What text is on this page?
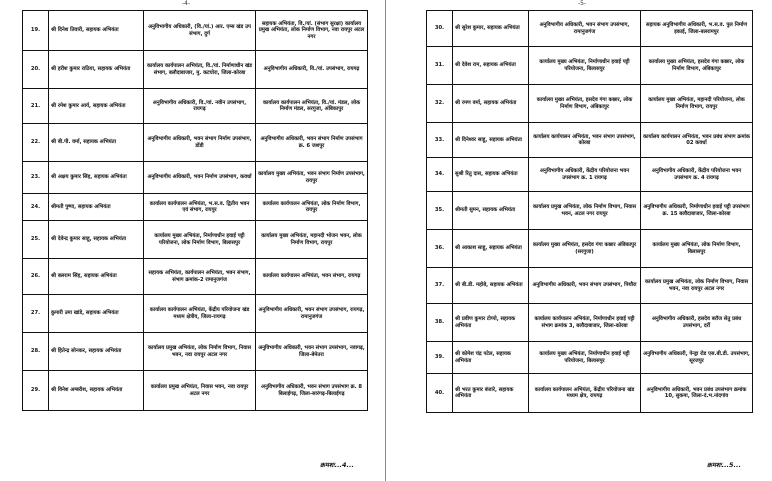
-4-	-5-
19.	श्री दिनेश तिवारी, सहायक अभियंता	अनुविभागीय अधिकारी, (वि./यां.) आर. एम्स खंड उप संभाग, दुर्ग	सहायक अभियंता, वि./यां. (संभाग सुरक्षा) कार्यालय प्रमुख अभियंता, लोक निर्माण विभाग, नवा रायपुर अटल नगर
20.	श्री हरीश कुमार राठिया, सहायक अभियंता	कार्यालय कार्यपालन अभियंता, वि./यां. निर्माणाधीन खंड संभाग, बलौदाबाजार, मु. कटघोरा, जिला-कोरबा	अनुविभागीय अधिकारी, वि./यां. उपसंभाग, रायगढ़
21.	श्री रमेश कुमार आर्य, सहायक अभियंता	अनुविभागीय अधिकारी, वि./यां. नवीन उपसंभाग, रायगढ़	कार्यालय कार्यपालन अभियंता, वि./यां. मंडल, लोक निर्माण मंडल, सरगुजा, अंबिकापुर
22.	श्री बी.पी. वर्मा, सहायक अभियंता	अनुविभागीय अधिकारी, भवन संभाग निर्माण उपसंभाग, डोंडी	अनुविभागीय अधिकारी, भवन संभाग निर्माण उपसंभाग क्र. 6 जशपुर
23.	श्री अक्षय कुमार सिंह, सहायक अभियंता	अनुविभागीय अधिकारी, भवन निर्माण उपसंभाग, कवर्धा	कार्यालय मुख्य अभियंता, भवन संभाग निर्माण उपसंभाग, रायपुर
24.	श्रीमती पुष्पा, सहायक अभियंता	कार्यालय कार्यपालन अभियंता, भ.स.व. द्वितीय भवन एवं संभाग, रायपुर	कार्यालय कार्यपालन अभियंता, लोक निर्माण विभाग, रायपुर
25.	श्री देवेन्द्र कुमार साहू, सहायक अभियंता	कार्यालय मुख्य अभियंता, निर्माणाधीन हवाई पट्टी परियोजना, लोक निर्माण विभाग, बिलासपुर	कार्यालय मुख्य अभियंता, महानदी भोजन भवन, लोक निर्माण विभाग, रायपुर
26.	श्री बलराम सिंह, सहायक अभियंता	सहायक अभियंता, कार्यपालन अभियंता, भवन संभाग, संभाग क्रमांक-2 रामानुजगंज	कार्यालय कार्यपालन अभियंता, भवन संभाग, रायगढ़
27.	कुमारी उमा खांडे, सहायक अभियंता	कार्यालय कार्यपालन अभियंता, केंद्रीय परियोजना खंड मध्यम क्षेत्रीय, जिला-रायगढ़	अनुविभागीय अधिकारी, भवन संभाग उपसंभाग, रायगढ़, रामानुजगंज
28.	श्री हितेन्द्र सोनकर, सहायक अभियंता	कार्यालय प्रमुख अभियंता, लोक निर्माण विभाग, निवास भवन, नवा रायपुर अटल नगर	अनुविभागीय अधिकारी, भवन संभाग उपसंभाग, नवागढ़, जिला-बेमेतरा
29.	श्री विनेश अम्बरीश, सहायक अभियंता	कार्यालय प्रमुख अभियंता, निवास भवन, नवा रायपुर अटल नगर	अनुविभागीय अधिकारी, भवन संभाग उपसंभाग क्र. 8 बिलाईगढ़, जिला-सारंगढ़-बिलाईगढ़
क्रमशः...4...
30.	श्री सुरेश कुमार, सहायक अभियंता	अनुविभागीय अधिकारी, भवन संभाग उपसंभाग, रामानुजगंज	सहायक अनुविभागीय अधिकारी, भ.स.व. पुल निर्माण इकाई, जिला-बलरामपुर
31.	श्री देवेश राम, सहायक अभियंता	कार्यालय मुख्य अभियंता, निर्माणाधीन हवाई पट्टी परियोजना, बिलासपुर	कार्यालय मुख्य अभियंता, हसदेव गंगा कछार, लोक निर्माण विभाग, अंबिकापुर
32.	श्री रमण वर्मा, सहायक अभियंता	कार्यालय मुख्य अभियंता, हसदेव गंगा कछार, लोक निर्माण विभाग, अंबिकापुर	कार्यालय मुख्य अभियंता, महानदी परियोजना, लोक निर्माण विभाग, रायपुर
33.	श्री दिनेश्वर साहू, सहायक अभियंता	कार्यालय कार्यपालन अभियंता, भवन संभाग उपसंभाग, कोरबा	कार्यालय कार्यपालन अभियंता, भवन प्रबंध संभाग क्रमांक 02 कवर्धा
34.	सुश्री रितु दास, सहायक अभियंता	अनुविभागीय अधिकारी, केंद्रीय परियोजना भवन उपसंभाग क्र. 1 रायगढ़	अनुविभागीय अधिकारी, केंद्रीय परियोजना भवन उपसंभाग क्र. 4 रायगढ़
35.	श्रीमती सुमन, सहायक अभियंता	कार्यालय प्रमुख अभियंता, लोक निर्माण विभाग, निवास भवन, अटल नगर रायपुर	अनुविभागीय अधिकारी, निर्माणाधीन हवाई पट्टी उपसंभाग क्र. 15 बलौदाबाजार, जिला-कोरबा
36.	श्री आकाश साहू, सहायक अभियंता	कार्यालय मुख्य अभियंता, हसदेव गंगा कछार अंबिकापुर (सरगुजा)	कार्यालय मुख्य अभियंता, लोक निर्माण विभाग, बिलासपुर
37.	श्री बी.डी. महोबे, सहायक अभियंता	अनुविभागीय अधिकारी, भवन संभाग उपसंभाग, पिथौरा	कार्यालय प्रमुख अभियंता, लोक निर्माण विभाग, निवास भवन, नवा रायपुर अटल नगर
38.	श्री प्रवीण कुमार टोप्पो, सहायक अभियंता	कार्यालय कार्यपालन अभियंता, निर्माणाधीन हवाई पट्टी संभाग क्रमांक 3, बलौदाबाजार, जिला-कोरबा	अनुविभागीय अधिकारी, हसदेव बरॉज सेतु प्रबंध उपसंभाग, दर्री
39.	श्री कोमेश चंद्र पटेल, सहायक अभियंता	कार्यालय मुख्य अभियंता, निर्माणाधीन हवाई पट्टी परियोजना, बिलासपुर	अनुविभागीय अधिकारी, पेन्ड्रा रोड एस.बी.डी. उपसंभाग, सूरजपुर
40.	श्री भरत कुमार बंजारे, सहायक अभियंता	कार्यालय कार्यपालन अभियंता, केंद्रीय परियोजना खंड मध्यम क्षेत्र, रायगढ़	अनुविभागीय अधिकारी, भवन प्रबंध उपसंभाग क्रमांक 10, सुकमा, जिला-दं.भ.नांदगांव
क्रमशः...5...
